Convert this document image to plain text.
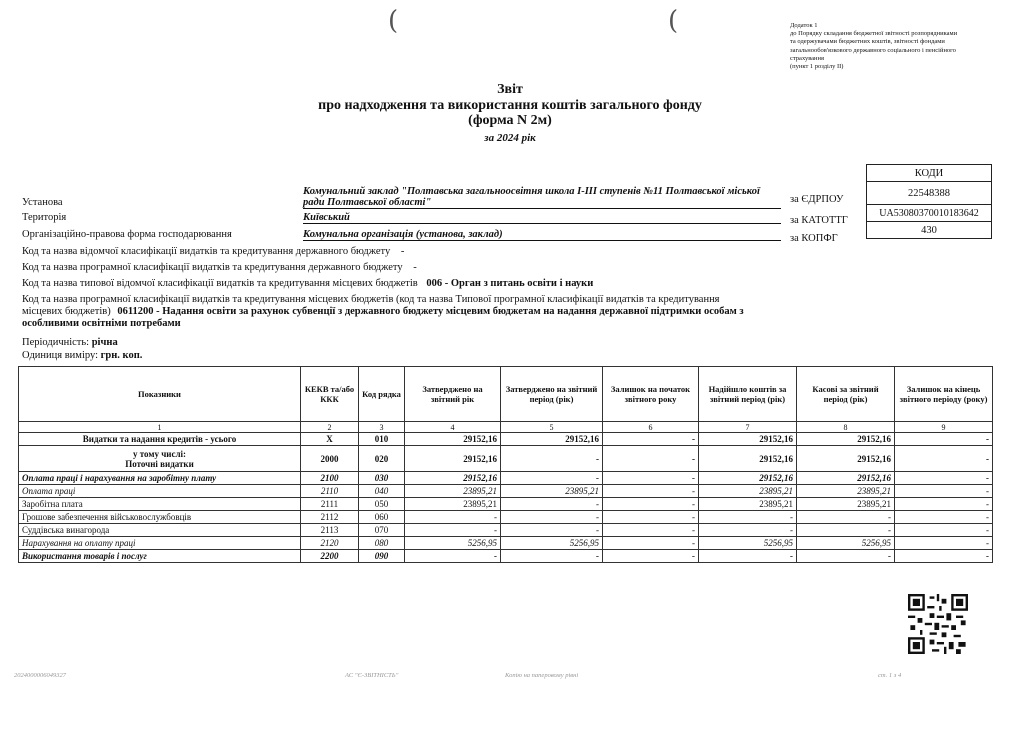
(	(	Додаток 1
до Порядку складання бюджетної звітності розпорядниками
та одержувачами бюджетних коштів, звітності фондами
загальнообов'язкового державного соціального і пенсійного
страхування
(пункт 1 розділу II)
Звіт
про надходження та використання коштів загального фонду
(форма N 2м)
за 2024 рік
КОДИ
22548388
UA53080370010183642
430
за ЄДРПОУ
за КАТОТТГ
за КОПФГ
Установа
Комунальний заклад "Полтавська загальноосвітня школа І-ІІІ ступенів №11 Полтавської міської ради Полтавської області"
Територія	Київський
Організаційно-правова форма господарювання	Комунальна організація (установа, заклад)
Код та назва відомчої класифікації видатків та кредитування державного бюджету -
Код та назва програмної класифікації видатків та кредитування державного бюджету -
Код та назва типової відомчої класифікації видатків та кредитування місцевих бюджетів 006 - Орган з питань освіти і науки
Код та назва програмної класифікації видатків та кредитування місцевих бюджетів (код та назва Типової програмної класифікації видатків та кредитування місцевих бюджетів) 0611200 - Надання освіти за рахунок субвенції з державного бюджету місцевим бюджетам на надання державної підтримки особам з особливими освітніми потребами
Періодичність: річна
Одиниця виміру: грн. коп.
Показники	КЕКВ та/або ККК	Код рядка	Затверджено на звітний рік	Затверджено на звітний період (рік)	Залишок на початок звітного року	Надійшло коштів за звітний період (рік)	Касові за звітний період (рік)	Залишок на кінець звітного періоду (року)
1	2	3	4	5	6	7	8	9
Видатки та надання кредитів - усього	X	010	29152,16	29152,16	-	29152,16	29152,16	-

у тому числі:
Поточні видатки	2000	020	29152,16	-	-	29152,16	29152,16	-
Оплата праці і нарахування на заробітну плату	2100	030	29152,16	-	-	29152,16	29152,16	-
Оплата праці	2110	040	23895,21	23895,21	-	23895,21	23895,21	-
Заробітна плата	2111	050	23895,21	-	-	23895,21	23895,21	-
Грошове забезпечення військовослужбовців	2112	060	-	-	-	-	-	-
Суддівська винагорода	2113	070	-	-	-	-	-	-
Нарахування на оплату праці	2120	080	5256,95	5256,95	-	5256,95	5256,95	-
Використання товарів і послуг	2200	090	-	-	-	-	-	-
2024000006049327	АС "Є-ЗВІТНІСТЬ"	Копію на паперовому рівні	ст. 1 з 4
